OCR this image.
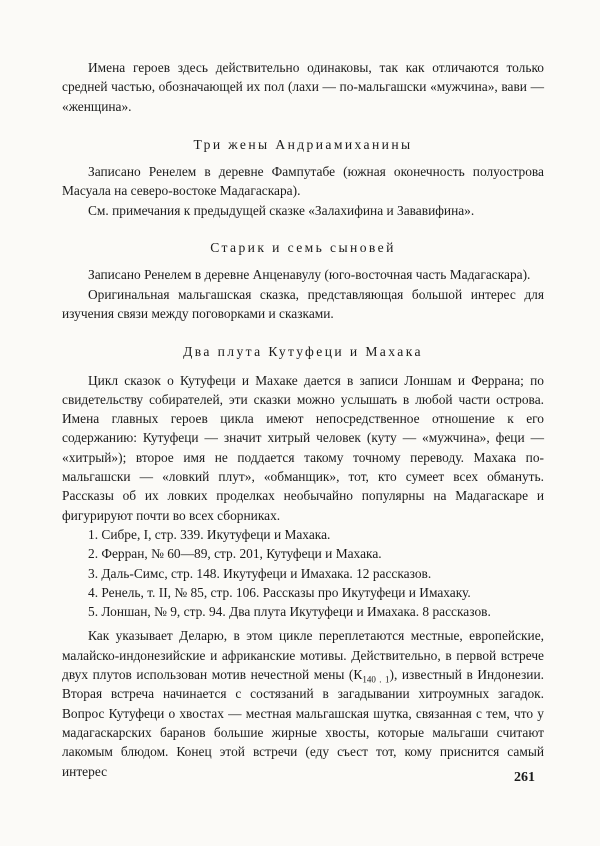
Имена героев здесь действительно одинаковы, так как отличаются только средней частью, обозначающей их пол (лахи — по-мальгашски «мужчина», вави — «женщина».

Три жены Андриамиханины

Записано Ренелем в деревне Фампутабе (южная оконечность полуострова Масуала на северо-востоке Мадагаскара).

См. примечания к предыдущей сказке «Залахифина и Зававифина».

Старик и семь сыновей

Записано Ренелем в деревне Анценавулу (юго-восточная часть Мадагаскара).

Оригинальная мальгашская сказка, представляющая большой интерес для изучения связи между поговорками и сказками.

Два плута Кутуфеци и Махака

Цикл сказок о Кутуфеци и Махаке дается в записи Лоншам и Феррана; по свидетельству собирателей, эти сказки можно услышать в любой части острова. Имена главных героев цикла имеют непосредственное отношение к его содержанию: Кутуфеци — значит хитрый человек (куту — «мужчина», феци — «хитрый»); второе имя не поддается такому точному переводу. Махака по-мальгашски — «ловкий плут», «обманщик», тот, кто сумеет всех обмануть. Рассказы об их ловких проделках необычайно популярны на Мадагаскаре и фигурируют почти во всех сборниках.

1. Сибре, I, стр. 339. Икутуфеци и Махака.

2. Ферран, № 60—89, стр. 201, Кутуфеци и Махака.

3. Даль-Симс, стр. 148. Икутуфеци и Имахака. 12 рассказов.

4. Ренель, т. II, № 85, стр. 106. Рассказы про Икутуфеци и Имахаку.

5. Лоншан, № 9, стр. 94. Два плута Икутуфеци и Имахака. 8 рассказов.

Как указывает Деларю, в этом цикле переплетаются местные, европейские, малайско-индонезийские и африканские мотивы. Действительно, в первой встрече двух плутов использован мотив нечестной мены $(К_{140 . 1})$, известный в Индонезии. Вторая встреча начинается с состязаний в загадывании хитроумных загадок. Вопрос Кутуфеци о хвостах — местная мальгашская шутка, связанная с тем, что у мадагаскарских баранов большие жирные хвосты, которые мальгаши считают лакомым блюдом. Конец этой встречи (еду съест тот, кому приснится самый интерес	261
